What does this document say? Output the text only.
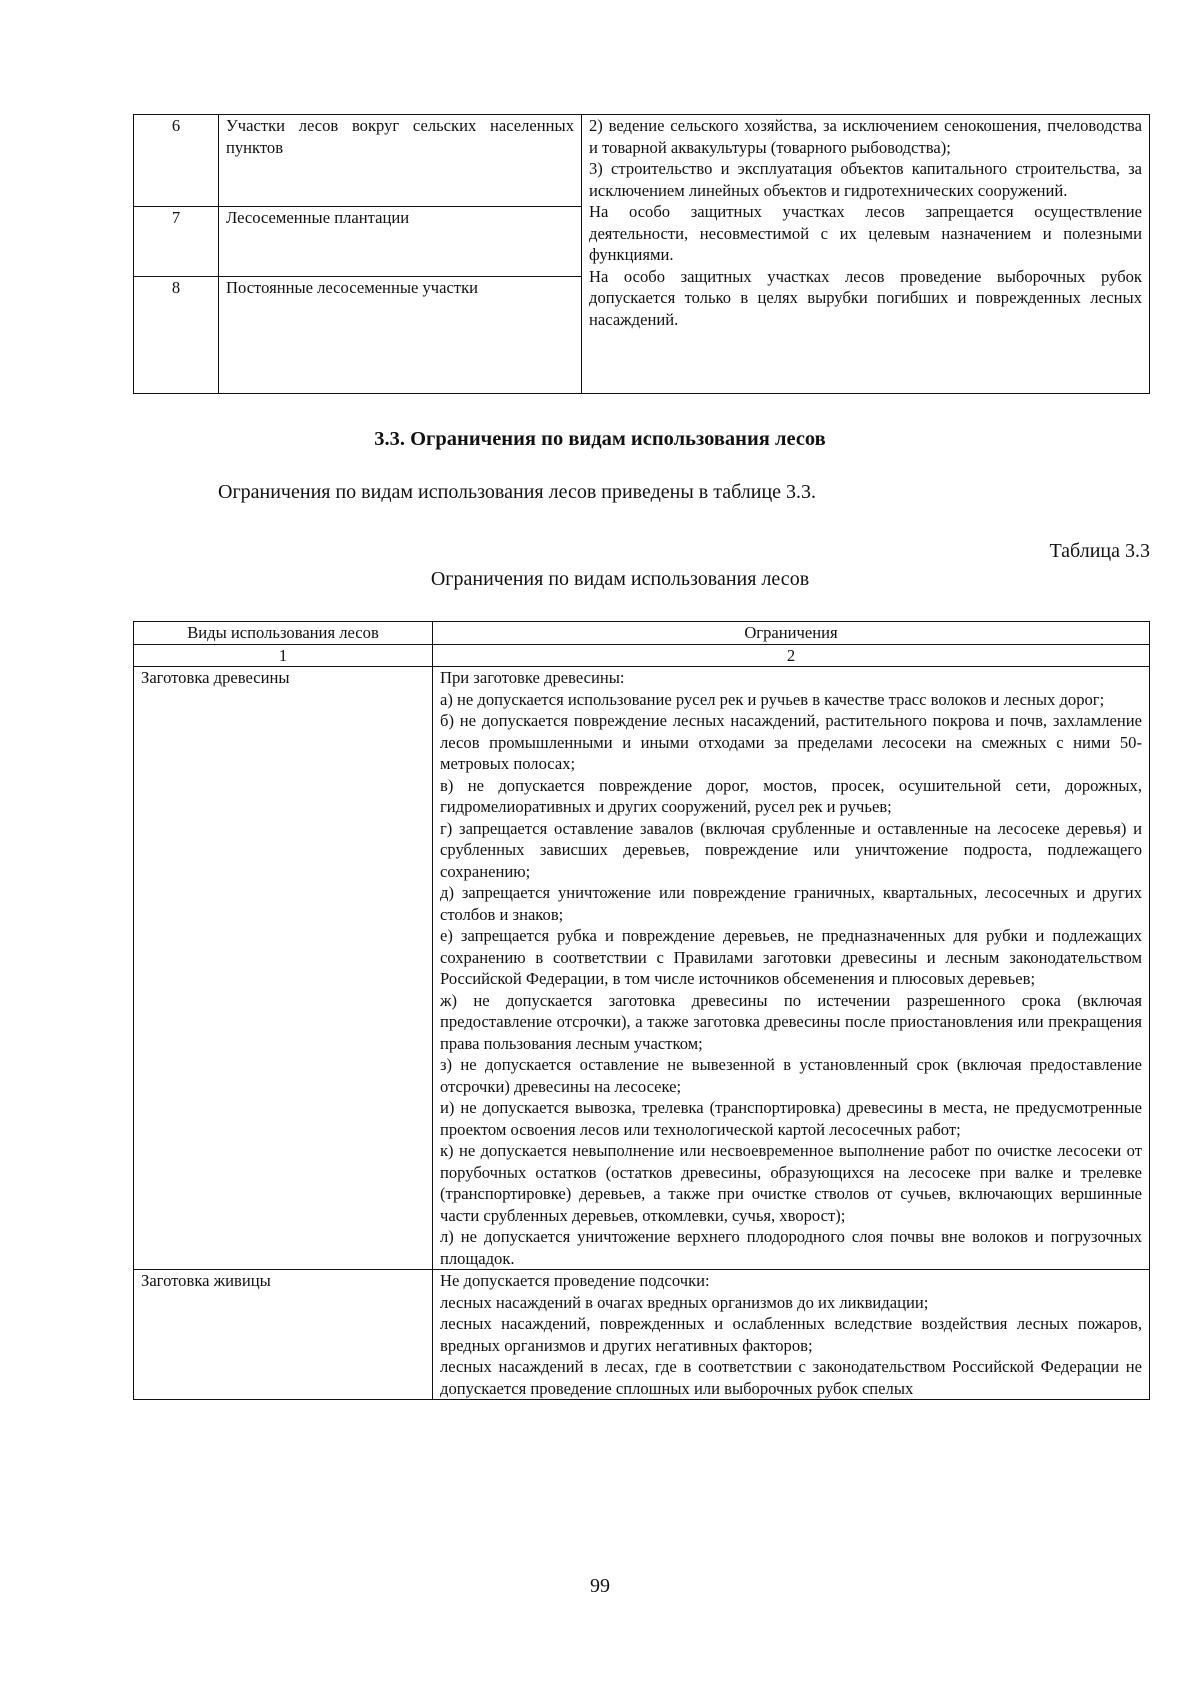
6	Участки лесов вокруг сельских населенных пунктов	2) ведение сельского хозяйства, за исключением сенокошения, пчеловодства и товарной аквакультуры (товарного рыбоводства);

3) строительство и эксплуатация объектов капитального строительства, за исключением линейных объектов и гидротехнических сооружений.

На особо защитных участках лесов запрещается осуществление деятельности, несовместимой с их целевым назначением и полезными функциями.

На особо защитных участках лесов проведение выборочных рубок допускается только в целях вырубки погибших и поврежденных лесных насаждений.

7	Лесосеменные плантации	
8	Постоянные лесосеменные участки	
3.3. Ограничения по видам использования лесов
Ограничения по видам использования лесов приведены в таблице 3.3.
Таблица 3.3
Ограничения по видам использования лесов
Виды использования лесов	Ограничения
1	2
Заготовка древесины	При заготовке древесины:

а) не допускается использование русел рек и ручьев в качестве трасс волоков и лесных дорог;

б) не допускается повреждение лесных насаждений, растительного покрова и почв, захламление лесов промышленными и иными отходами за пределами лесосеки на смежных с ними 50-метровых полосах;

в) не допускается повреждение дорог, мостов, просек, осушительной сети, дорожных, гидромелиоративных и других сооружений, русел рек и ручьев;

г) запрещается оставление завалов (включая срубленные и оставленные на лесосеке деревья) и срубленных зависших деревьев, повреждение или уничтожение подроста, подлежащего сохранению;

д) запрещается уничтожение или повреждение граничных, квартальных, лесосечных и других столбов и знаков;

е) запрещается рубка и повреждение деревьев, не предназначенных для рубки и подлежащих сохранению в соответствии с Правилами заготовки древесины и лесным законодательством Российской Федерации, в том числе источников обсеменения и плюсовых деревьев;

ж) не допускается заготовка древесины по истечении разрешенного срока (включая предоставление отсрочки), а также заготовка древесины после приостановления или прекращения права пользования лесным участком;

з) не допускается оставление не вывезенной в установленный срок (включая предоставление отсрочки) древесины на лесосеке;

и) не допускается вывозка, трелевка (транспортировка) древесины в места, не предусмотренные проектом освоения лесов или технологической картой лесосечных работ;

к) не допускается невыполнение или несвоевременное выполнение работ по очистке лесосеки от порубочных остатков (остатков древесины, образующихся на лесосеке при валке и трелевке (транспортировке) деревьев, а также при очистке стволов от сучьев, включающих вершинные части срубленных деревьев, откомлевки, сучья, хворост);

л) не допускается уничтожение верхнего плодородного слоя почвы вне волоков и погрузочных площадок.

Заготовка живицы	Не допускается проведение подсочки:

лесных насаждений в очагах вредных организмов до их ликвидации;

лесных насаждений, поврежденных и ослабленных вследствие воздействия лесных пожаров, вредных организмов и других негативных факторов;

лесных насаждений в лесах, где в соответствии с законодательством Российской Федерации не допускается проведение сплошных или выборочных рубок спелых

99
